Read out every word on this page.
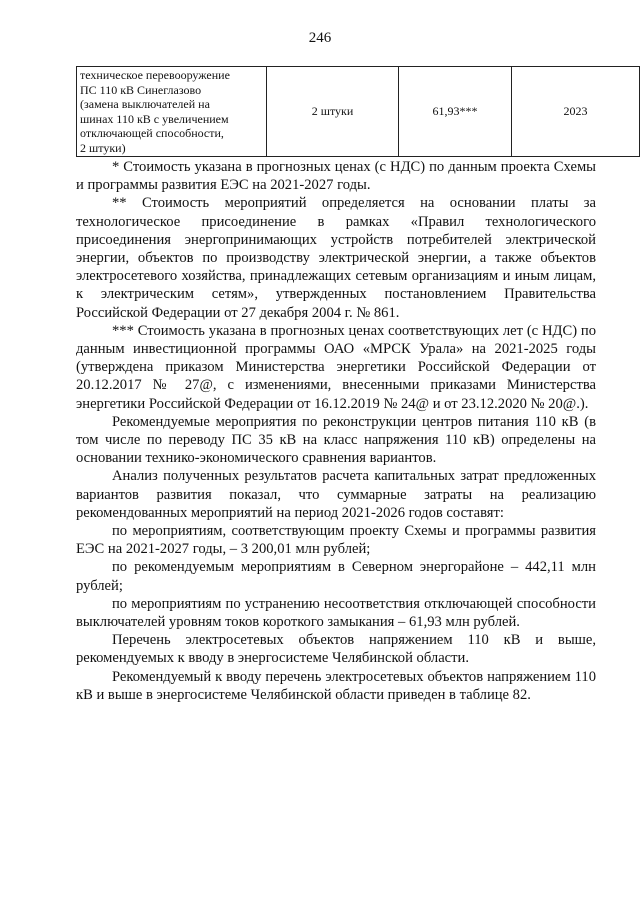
246
техническое перевооружение
ПС 110 кВ Синеглазово
(замена выключателей на
шинах 110 кВ с увеличением
отключающей способности,
2 штуки)
	2 штуки	61,93***	2023

* Стоимость указана в прогнозных ценах (с НДС) по данным проекта Схемы и программы развития ЕЭС на 2021-2027 годы.

** Стоимость мероприятий определяется на основании платы за технологическое присоединение в рамках «Правил технологического присоединения энергопринимающих устройств потребителей электрической энергии, объектов по производству электрической энергии, а также объектов электросетевого хозяйства, принадлежащих сетевым организациям и иным лицам, к электрическим сетям», утвержденных постановлением Правительства Российской Федерации от 27 декабря 2004 г. № 861.

*** Стоимость указана в прогнозных ценах соответствующих лет (с НДС) по данным инвестиционной программы ОАО «МРСК Урала» на 2021-2025 годы (утверждена приказом Министерства энергетики Российской Федерации от 20.12.2017 № 27@, с изменениями, внесенными приказами Министерства энергетики Российской Федерации от 16.12.2019 № 24@ и от 23.12.2020 № 20@.).

Рекомендуемые мероприятия по реконструкции центров питания 110 кВ (в том числе по переводу ПС 35 кВ на класс напряжения 110 кВ) определены на основании технико-экономического сравнения вариантов.

Анализ полученных результатов расчета капитальных затрат предложенных вариантов развития показал, что суммарные затраты на реализацию рекомендованных мероприятий на период 2021-2026 годов составят:

по мероприятиям, соответствующим проекту Схемы и программы развития ЕЭС на 2021-2027 годы, – 3 200,01 млн рублей;

по рекомендуемым мероприятиям в Северном энергорайоне – 442,11 млн рублей;

по мероприятиям по устранению несоответствия отключающей способности выключателей уровням токов короткого замыкания – 61,93 млн рублей.

Перечень электросетевых объектов напряжением 110 кВ и выше, рекомендуемых к вводу в энергосистеме Челябинской области.

Рекомендуемый к вводу перечень электросетевых объектов напряжением 110 кВ и выше в энергосистеме Челябинской области приведен в таблице 82.
